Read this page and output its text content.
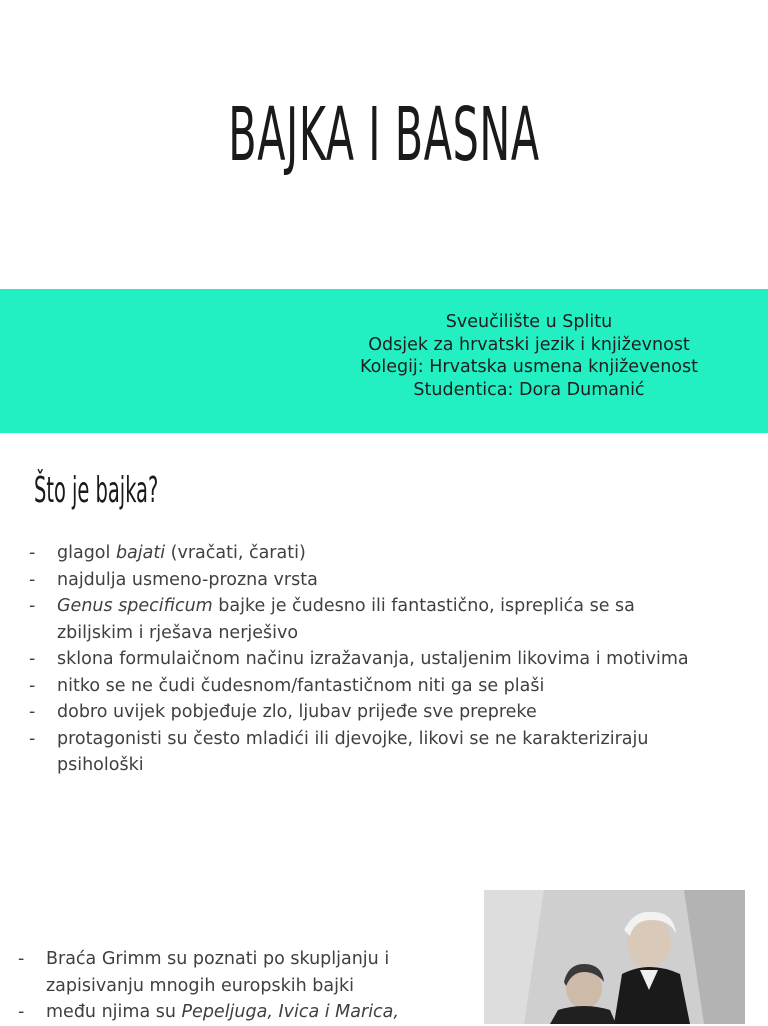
BAJKA I BASNA
Sveučilište u Splitu
Odsjek za hrvatski jezik i književnost
Kolegij: Hrvatska usmena književenost
Studentica: Dora Dumanić
Što je bajka?
- glagol bajati (vračati, čarati)
- najdulja usmeno-prozna vrsta
- Genus specificum bajke je čudesno ili fantastično, ispreplića se sa zbiljskim i rješava nerješivo
- sklona formulaičnom načinu izražavanja, ustaljenim likovima i motivima
- nitko se ne čudi čudesnom/fantastičnom niti ga se plaši
- dobro uvijek pobjeđuje zlo, ljubav prijeđe sve prepreke
- protagonisti su često mladići ili djevojke, likovi se ne karakteriziraju psihološki
- Braća Grimm su poznati po skupljanju i zapisivanju mnogih europskih bajki
- među njima su Pepeljuga, Ivica i Marica,
